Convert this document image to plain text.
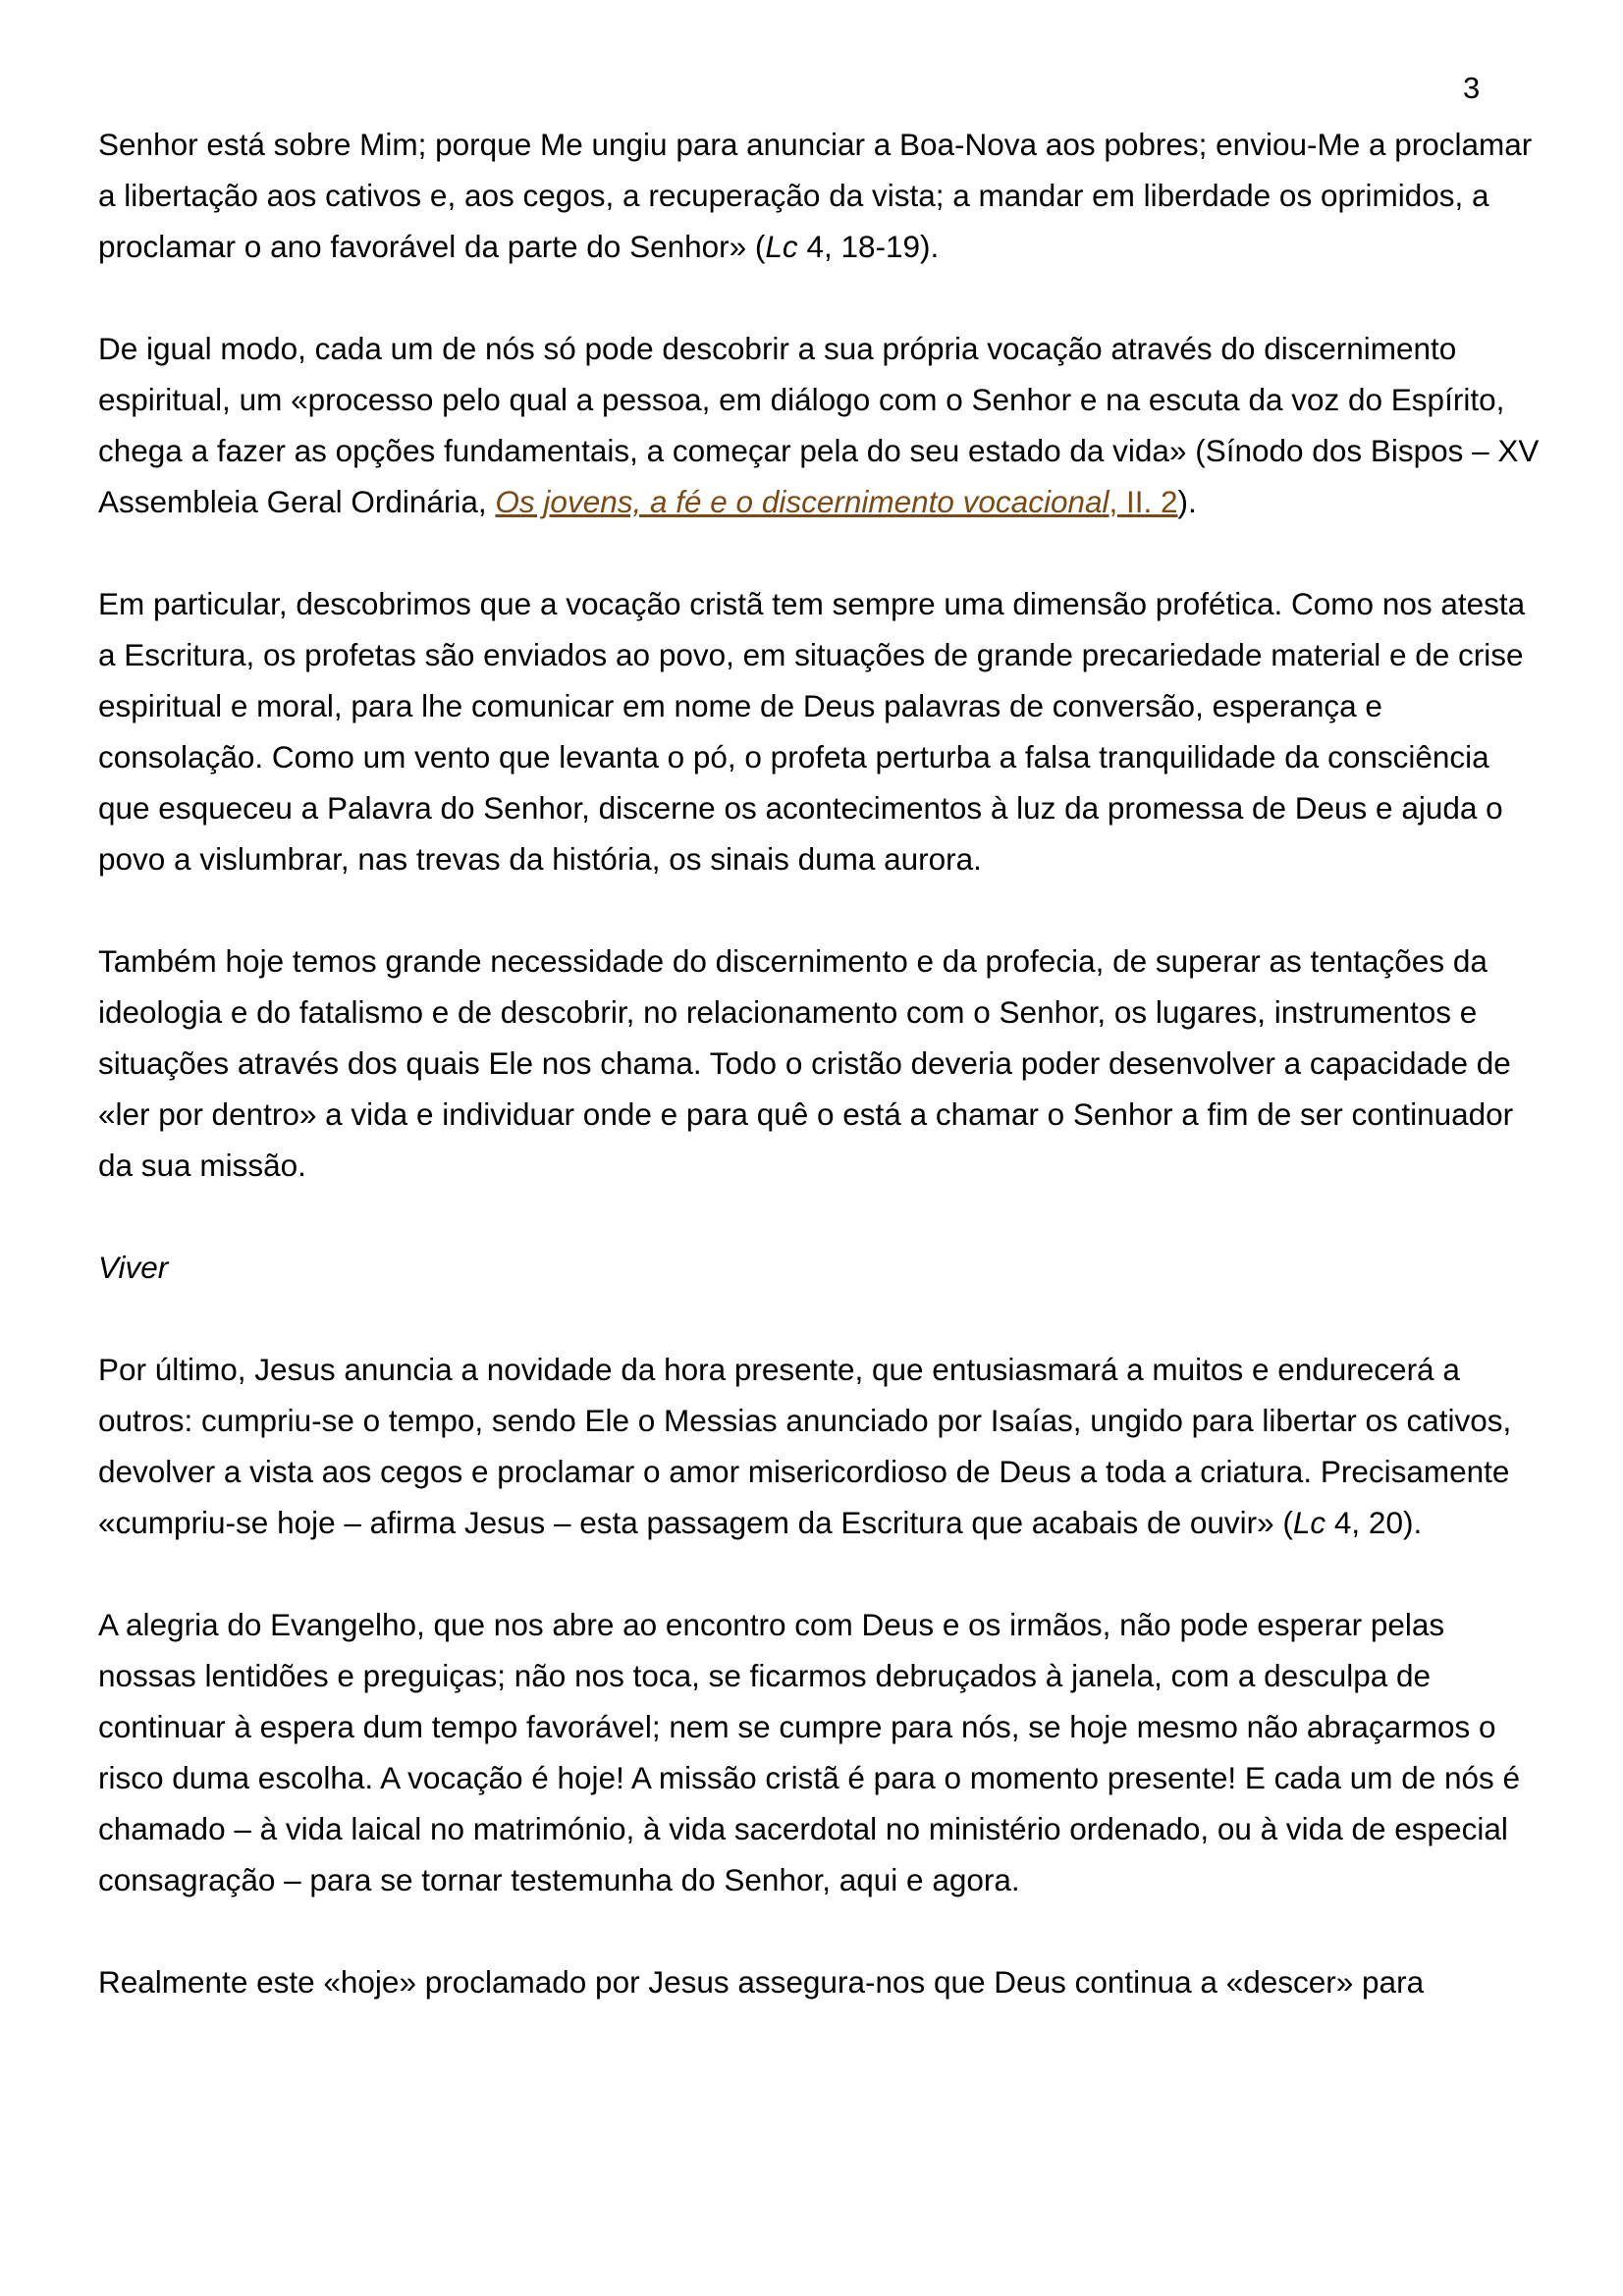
3

Senhor está sobre Mim; porque Me ungiu para anunciar a Boa-Nova aos pobres; enviou-Me a proclamar a libertação aos cativos e, aos cegos, a recuperação da vista; a mandar em liberdade os oprimidos, a proclamar o ano favorável da parte do Senhor» (Lc 4, 18-19).

De igual modo, cada um de nós só pode descobrir a sua própria vocação através do discernimento espiritual, um «processo pelo qual a pessoa, em diálogo com o Senhor e na escuta da voz do Espírito, chega a fazer as opções fundamentais, a começar pela do seu estado da vida» (Sínodo dos Bispos – XV Assembleia Geral Ordinária, Os jovens, a fé e o discernimento vocacional, II. 2).

Em particular, descobrimos que a vocação cristã tem sempre uma dimensão profética. Como nos atesta a Escritura, os profetas são enviados ao povo, em situações de grande precariedade material e de crise espiritual e moral, para lhe comunicar em nome de Deus palavras de conversão, esperança e consolação. Como um vento que levanta o pó, o profeta perturba a falsa tranquilidade da consciência que esqueceu a Palavra do Senhor, discerne os acontecimentos à luz da promessa de Deus e ajuda o povo a vislumbrar, nas trevas da história, os sinais duma aurora.

Também hoje temos grande necessidade do discernimento e da profecia, de superar as tentações da ideologia e do fatalismo e de descobrir, no relacionamento com o Senhor, os lugares, instrumentos e situações através dos quais Ele nos chama. Todo o cristão deveria poder desenvolver a capacidade de «ler por dentro» a vida e individuar onde e para quê o está a chamar o Senhor a fim de ser continuador da sua missão.

Viver

Por último, Jesus anuncia a novidade da hora presente, que entusiasmará a muitos e endurecerá a outros: cumpriu-se o tempo, sendo Ele o Messias anunciado por Isaías, ungido para libertar os cativos, devolver a vista aos cegos e proclamar o amor misericordioso de Deus a toda a criatura. Precisamente «cumpriu-se hoje – afirma Jesus – esta passagem da Escritura que acabais de ouvir» (Lc 4, 20).

A alegria do Evangelho, que nos abre ao encontro com Deus e os irmãos, não pode esperar pelas nossas lentidões e preguiças; não nos toca, se ficarmos debruçados à janela, com a desculpa de continuar à espera dum tempo favorável; nem se cumpre para nós, se hoje mesmo não abraçarmos o risco duma escolha. A vocação é hoje! A missão cristã é para o momento presente! E cada um de nós é chamado – à vida laical no matrimónio, à vida sacerdotal no ministério ordenado, ou à vida de especial consagração – para se tornar testemunha do Senhor, aqui e agora.

Realmente este «hoje» proclamado por Jesus assegura-nos que Deus continua a «descer» para
